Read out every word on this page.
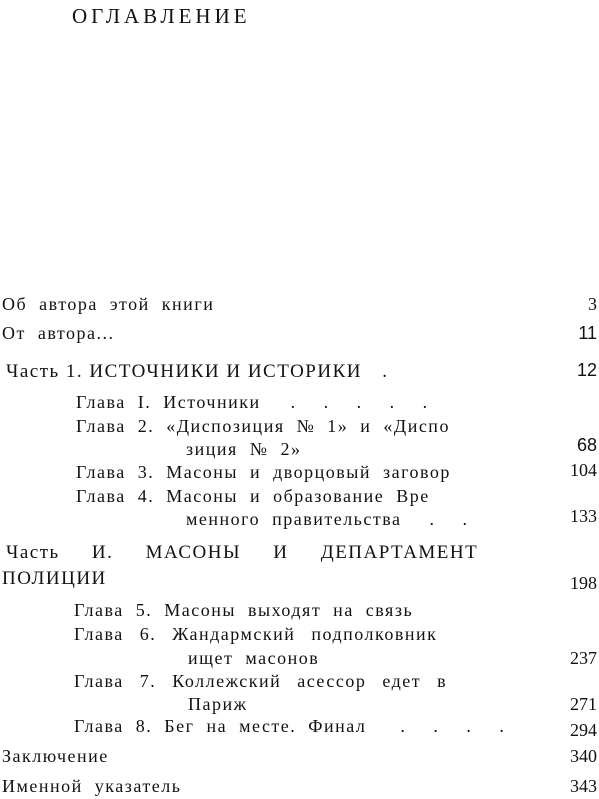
ОГЛАВЛЕНИЕ
Об автора этой книги	3
От автора...	11
Часть 1. ИСТОЧНИКИ И ИСТОРИКИ .	12
Глава I. Источники . . . . .
Глава 2. «Диспозиция № 1» и «Диспо
зиция № 2»	68
Глава 3. Масоны и дворцовый заговор	104
Глава 4. Масоны и образование Вре
менного правительства . .	133
Часть И. МАСОНЫ И ДЕПАРТАМЕНТ
ПОЛИЦИИ	198
Глава 5. Масоны выходят на связь
Глава 6. Жандармский подполковник
ищет масонов	237
Глава 7. Коллежский асессор едет в
Париж	271
Глава 8. Бег на месте. Финал . . . .	294
Заключение	340
Именной указатель	343
